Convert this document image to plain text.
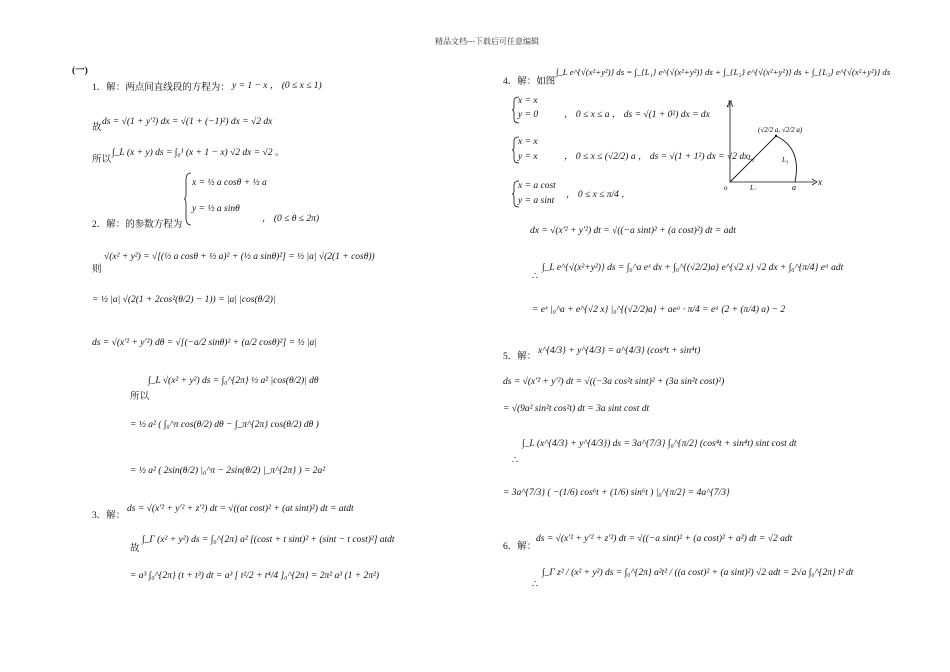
精品文档---下载后可任意编辑
(一)
1．解：两点间直线段的方程为： y = 1 − x ， (0 ≤ x ≤ 1)
故
ds = √(1 + y′²) dx = √(1 + (−1)²) dx = √2 dx
所以
∫_L (x + y) ds = ∫₀¹ (x + 1 − x) √2 dx = √2 。
2．解：的参数方程为
x = ½ a cosθ + ½ a
y = ½ a sinθ
， (0 ≤ θ ≤ 2π)
则
√(x² + y²) = √[(½ a cosθ + ½ a)² + (½ a sinθ)²] = ½ |a| √(2(1 + cosθ))
= ½ |a| √(2(1 + 2cos²(θ/2) − 1)) = |a| |cos(θ/2)|
ds = √(x′² + y′²) dθ = √[(−a/2 sinθ)² + (a/2 cosθ)²] = ½ |a|
所以
∫_L √(x² + y²) ds = ∫₀^{2π} ½ a² |cos(θ/2)| dθ
= ½ a² ( ∫₀^π cos(θ/2) dθ − ∫_π^{2π} cos(θ/2) dθ )
= ½ a² ( 2sin(θ/2) |₀^π − 2sin(θ/2) |_π^{2π} ) = 2a²
3．解：
ds = √(x′² + y′² + z′²) dt = √((at cost)² + (at sint)²) dt = atdt
故
∫_Γ (x² + y²) ds = ∫₀^{2π} a² [(cost + t sint)² + (sint − t cost)²] atdt
= a³ ∫₀^{2π} (t + t³) dt = a³ [ t²/2 + t⁴/4 ]₀^{2π} = 2π² a³ (1 + 2π²)
4．解：如图
∫_L e^{√(x²+y²)} ds = ∫_{L₁} e^{√(x²+y²)} ds + ∫_{L₂} e^{√(x²+y²)} ds + ∫_{L₃} e^{√(x²+y²)} ds
x = x
y = 0	， 0 ≤ x ≤ a ， ds = √(1 + 0²) dx = dx
x = x
y = x	， 0 ≤ x ≤ (√2/2) a ， ds = √(1 + 1²) dx = √2 dx
x = a cost
y = a sint
， 0 ≤ x ≤ π/4 ，
dx = √(x′² + y′²) dt = √((−a sint)² + (a cost)²) dt = adt
∴
∫_L e^{√(x²+y²)} ds = ∫₀^a eˣ dx + ∫₀^{(√2/2)a} e^{√2 x} √2 dx + ∫₀^{π/4} eᵃ adt
= eˣ |₀^a + e^{√2 x} |₀^{(√2/2)a} + aeᵃ · π/4 = eᵃ (2 + (π/4) a) − 2
x
y
(√2/2 a, √2/2 a)
L₂	L₃
L₁
o	a
5．解：
x^{4/3} + y^{4/3} = a^{4/3} (cos⁴t + sin⁴t)
ds = √(x′² + y′²) dt = √((−3a cos²t sint)² + (3a sin²t cost)²)
= √(9a² sin²t cos²t) dt = 3a sint cost dt
∴
∫_L (x^{4/3} + y^{4/3}) ds = 3a^{7/3} ∫₀^{π/2} (cos⁴t + sin⁴t) sint cost dt
= 3a^{7/3} ( −(1/6) cos⁶t + (1/6) sin⁶t ) |₀^{π/2} = 4a^{7/3}
6．解：
ds = √(x′² + y′² + z′²) dt = √((−a sint)² + (a cost)² + a²) dt = √2 adt
∴
∫_Γ z² / (x² + y²) ds = ∫₀^{2π} a²t² / ((a cost)² + (a sint)²) √2 adt = 2√a ∫₀^{2π} t² dt
